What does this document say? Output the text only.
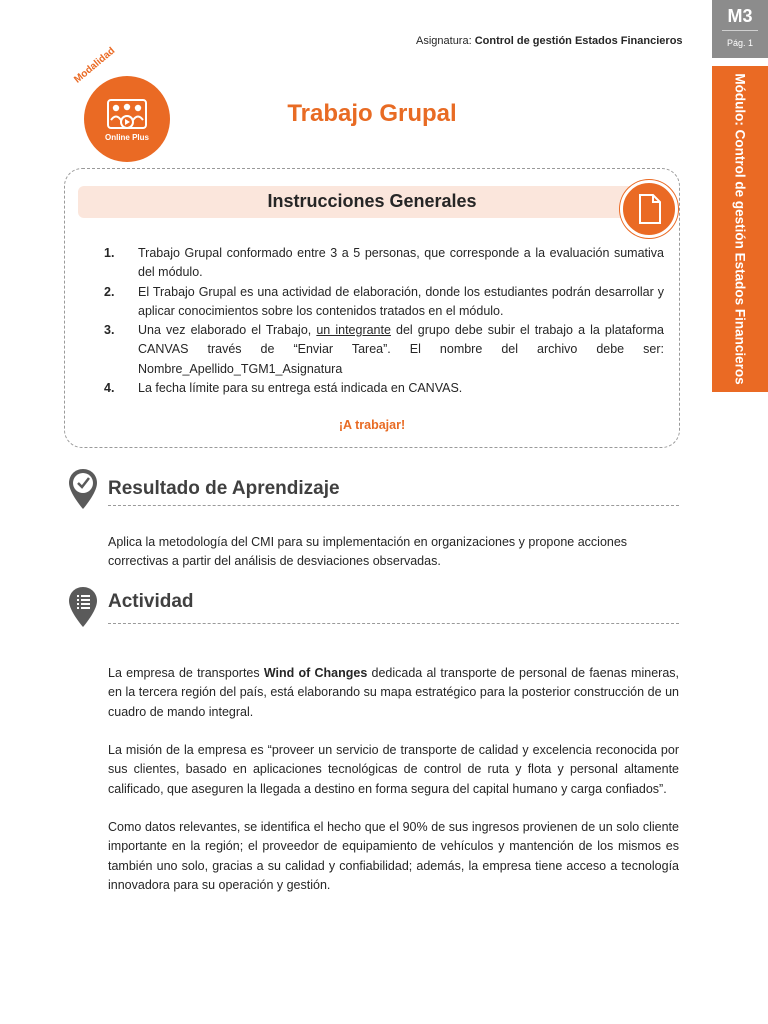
M3
Pág. 1
Módulo: Control de gestión Estados Financieros
Asignatura: Control de gestión Estados Financieros
Modalidad
Online Plus
Trabajo Grupal
Instrucciones Generales
1. Trabajo Grupal conformado entre 3 a 5 personas, que corresponde a la evaluación sumativa del módulo.
2. El Trabajo Grupal es una actividad de elaboración, donde los estudiantes podrán desarrollar y aplicar conocimientos sobre los contenidos tratados en el módulo.
3. Una vez elaborado el Trabajo, un integrante del grupo debe subir el trabajo a la plataforma CANVAS través de “Enviar Tarea”. El nombre del archivo debe ser: Nombre_Apellido_TGM1_Asignatura
4. La fecha límite para su entrega está indicada en CANVAS.
¡A trabajar!
Resultado de Aprendizaje
Aplica la metodología del CMI para su implementación en organizaciones y propone acciones correctivas a partir del análisis de desviaciones observadas.
Actividad
La empresa de transportes Wind of Changes dedicada al transporte de personal de faenas mineras, en la tercera región del país, está elaborando su mapa estratégico para la posterior construcción de un cuadro de mando integral.
La misión de la empresa es “proveer un servicio de transporte de calidad y excelencia reconocida por sus clientes, basado en aplicaciones tecnológicas de control de ruta y flota y personal altamente calificado, que aseguren la llegada a destino en forma segura del capital humano y carga confiados”.
Como datos relevantes, se identifica el hecho que el 90% de sus ingresos provienen de un solo cliente importante en la región; el proveedor de equipamiento de vehículos y mantención de los mismos es también uno solo, gracias a su calidad y confiabilidad; además, la empresa tiene acceso a tecnología innovadora para su operación y gestión.
